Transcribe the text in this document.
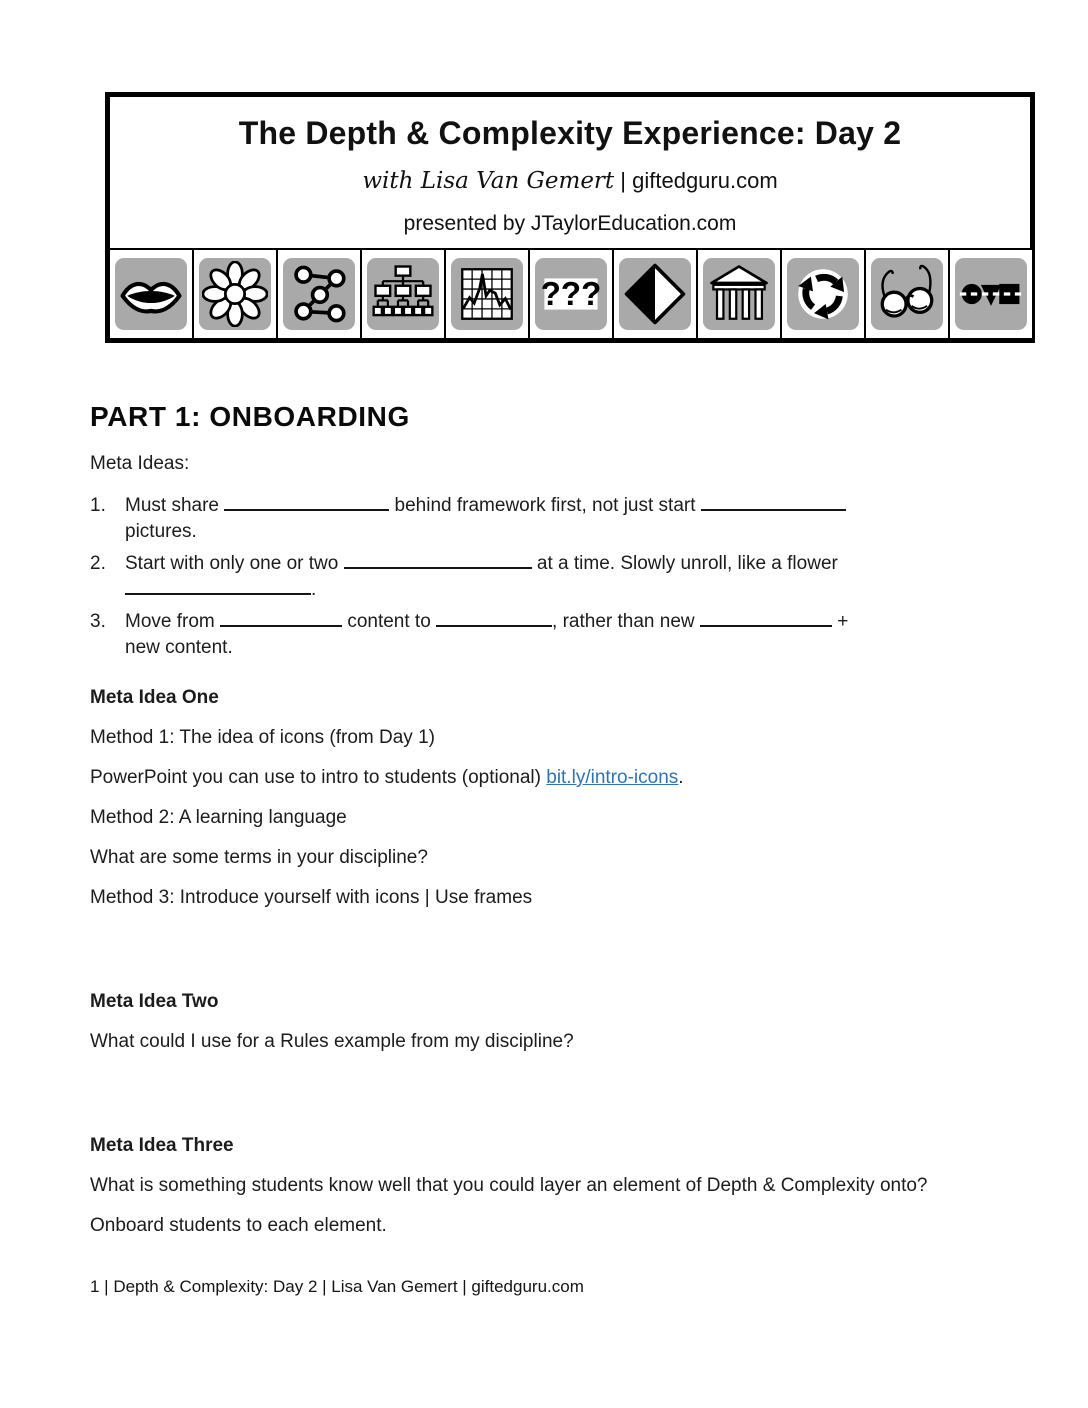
The Depth & Complexity Experience: Day 2
with Lisa Van Gemert | giftedguru.com
presented by JTaylorEducation.com
???
PART 1: ONBOARDING

Meta Ideas:

1.	Must share	behind framework first, not just start
pictures.
2.	Start with only one or two	at a time. Slowly unroll, like a flower
.
3.	Move from	content to	, rather than new	+
new content.

Meta Idea One

Method 1: The idea of icons (from Day 1)

PowerPoint you can use to intro to students (optional) bit.ly/intro-icons.

Method 2: A learning language

What are some terms in your discipline?

Method 3: Introduce yourself with icons | Use frames

Meta Idea Two

What could I use for a Rules example from my discipline?

Meta Idea Three

What is something students know well that you could layer an element of Depth & Complexity onto?

Onboard students to each element.

1 | Depth & Complexity: Day 2 | Lisa Van Gemert | giftedguru.com
